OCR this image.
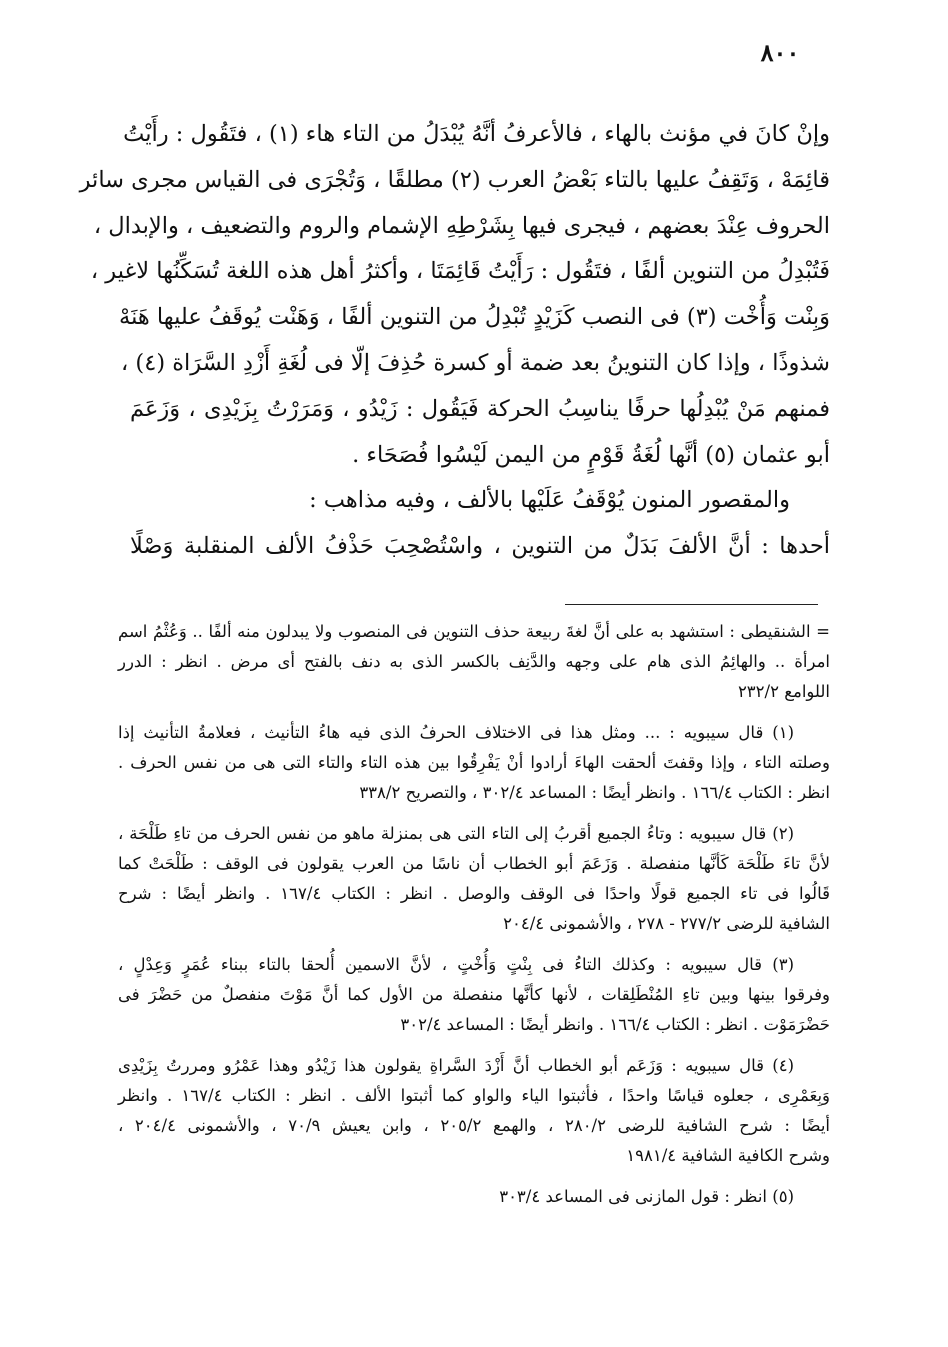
٨٠٠
وإنْ كانَ في مؤنث بالهاء ، فالأعرفُ أنَّهُ يُبْدَلُ من التاء هاء (١) ، فتَقُول : رأَيْتُ
قائِمَهْ ، وَتَقِفُ عليها بالتاء بَعْضُ العرب (٢) مطلقًا ، وَتُجْرَى فى القياس مجرى سائر
الحروف عِنْدَ بعضهم ، فيجرى فيها بِشَرْطِهِ الإشمام والروم والتضعيف ، والإبدال ،
فَتُبْدِلُ من التنوين ألفًا ، فتَقُول : رَأَيْتُ قَائِمَتَا ، وأكثرُ أهل هذه اللغة تُسَكِّنُها لاغير ،
وَبِنْت وَأُخْت (٣) فى النصب كَزَيْدٍ تُبْدِلُ من التنوين ألفًا ، وَهَنْت يُوقَفُ عليها هَنَهْ
شذوذًا ، وإذا كان التنوينُ بعد ضمة أو كسرة حُذِفَ إلّا فى لُغَةِ أَزْدِ السَّرَاة (٤) ،
فمنهم مَنْ يُبْدِلُها حرفًا يناسِبُ الحركة فَيَقُول : زَيْدُو ، وَمَرَرْتُ بِزَيْدِى ، وَزَعَمَ
أبو عثمان (٥) أنَّها لُغَةُ قَوْمٍ من اليمن لَيْسُوا فُصَحَاء .
والمقصور المنون يُوْقَفُ عَلَيْها بالألف ، وفيه مذاهب :
أحدها : أنَّ الألفَ بَدَلٌ من التنوين ، واسْتُصْحِبَ حَذْفُ الألف المنقلبة وَصْلًا
= الشنقيطى : استشهد به على أنَّ لغةَ ربيعة حذف التنوين فى المنصوب ولا يبدلون منه ألفًا .. وَعُثْمُ اسم
امرأة .. والهائِمُ الذى هام على وجهه والدَّنِف بالكسر الذى به دنف بالفتح أى مرض . انظر : الدرر
اللوامع ٢٣٢/٢
(١) قال سيبويه : ... ومثل هذا فى الاختلاف الحرفُ الذى فيه هاءُ التأنيث ، فعلامةُ التأنيث إذا
وصلته التاء ، وإذا وقفتَ ألحقت الهاءَ أرادوا أنْ يَفْرِقُوا بين هذه التاء والتاء التى هى من نفس الحرف .
انظر : الكتاب ١٦٦/٤ . وانظر أيضًا : المساعد ٣٠٢/٤ ، والتصريح ٣٣٨/٢
(٢) قال سيبويه : وتاءُ الجميع أقربُ إلى التاء التى هى بمنزلة ماهو من نفس الحرف من تاءِ طَلْحَة ،
لأنَّ تاءَ طَلْحَة كَأنَّها منفصلة . وَزَعَمَ أبو الخطاب أن ناسًا من العرب يقولون فى الوقف : طَلْحَتْ كما
قَالُوا فى تاء الجميع قولًا واحدًا فى الوقف والوصل . انظر : الكتاب ١٦٧/٤ . وانظر أيضًا : شرح
الشافية للرضى ٢٧٧/٢ - ٢٧٨ ، والأشمونى ٢٠٤/٤
(٣) قال سيبويه : وكذلك التاءُ فى بِنْتٍ وَأُخْتٍ ، لأنَّ الاسمين أُلحقا بالتاء ببناء عُمَرٍ وَعِدْلٍ ،
وفرقوا بينها وبين تاءِ المُنْطَلِقات ، لأنها كأنَّها منفصلة من الأول كما أنَّ مَوْتَ منفصلٌ من حَضْرَ فى
حَضْرَمَوْت . انظر : الكتاب ١٦٦/٤ . وانظر أيضًا : المساعد ٣٠٢/٤
(٤) قال سيبويه : وَزَعَم أبو الخطاب أنَّ أَزْدَ السَّراةِ يقولون هذا زَيْدُو وهذا عَمْرُو ومررتُ بِزَيْدِى
وَبِعَمْرِى ، جعلوه قياسًا واحدًا ، فأثبتوا الياء والواو كما أثبتوا الألف . انظر : الكتاب ١٦٧/٤ . وانظر
أيضًا : شرح الشافية للرضى ٢٨٠/٢ ، والهمع ٢٠٥/٢ ، وابن يعيش ٧٠/٩ ، والأشمونى ٢٠٤/٤ ،
وشرح الكافية الشافية ١٩٨١/٤
(٥) انظر : قول المازنى فى المساعد ٣٠٣/٤
